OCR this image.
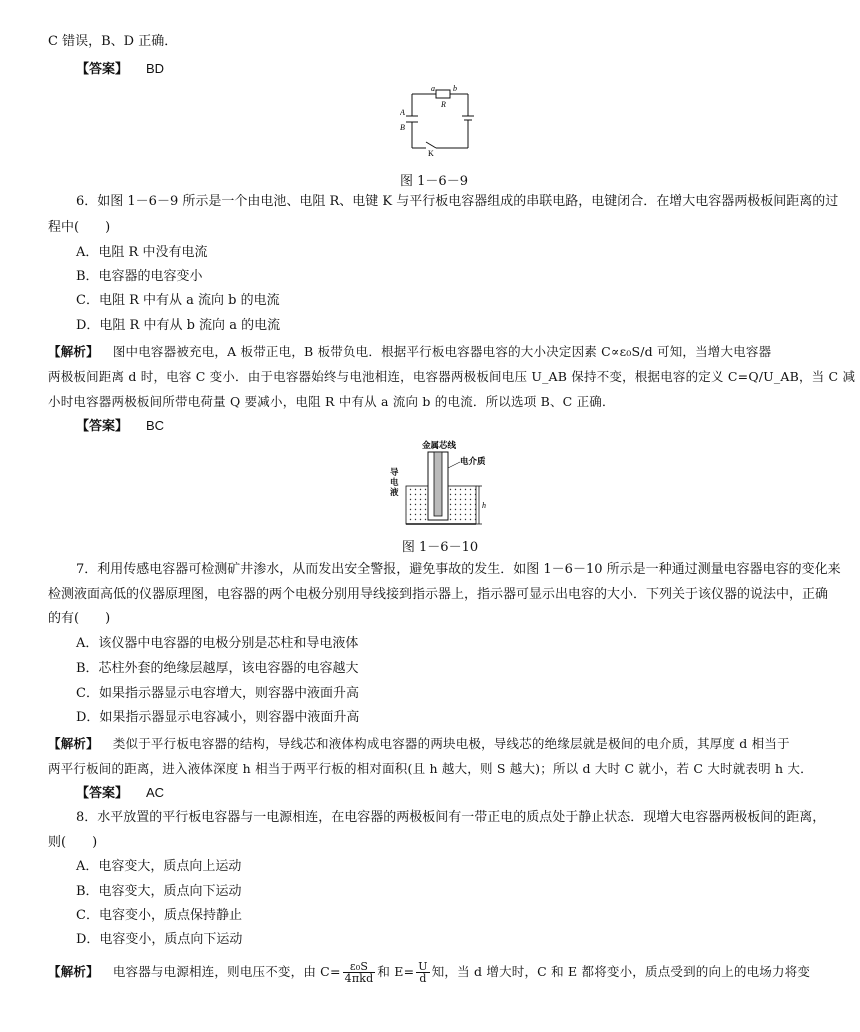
C 错误，B、D 正确．
【答案】 BD
a b
R
A
B
K
图 1－6－9
6．如图 1－6－9 所示是一个由电池、电阻 R、电键 K 与平行板电容器组成的串联电路，电键闭合．在增大电容器两极板间距离的过
程中(　　)
A．电阻 R 中没有电流
B．电容器的电容变小
C．电阻 R 中有从 a 流向 b 的电流
D．电阻 R 中有从 b 流向 a 的电流
【解析】 图中电容器被充电，A 板带正电，B 板带负电．根据平行板电容器电容的大小决定因素 C∝ε₀S/d 可知，当增大电容器
两极板间距离 d 时，电容 C 变小．由于电容器始终与电池相连，电容器两极板间电压 U_AB 保持不变，根据电容的定义 C=Q/U_AB，当 C 减
小时电容器两极板间所带电荷量 Q 要减小，电阻 R 中有从 a 流向 b 的电流．所以选项 B、C 正确．
【答案】 BC
金属芯线
电介质
h
导电液
图 1－6－10
7．利用传感电容器可检测矿井渗水，从而发出安全警报，避免事故的发生．如图 1－6－10 所示是一种通过测量电容器电容的变化来
检测液面高低的仪器原理图，电容器的两个电极分别用导线接到指示器上，指示器可显示出电容的大小．下列关于该仪器的说法中，正确
的有(　　)
A．该仪器中电容器的电极分别是芯柱和导电液体
B．芯柱外套的绝缘层越厚，该电容器的电容越大
C．如果指示器显示电容增大，则容器中液面升高
D．如果指示器显示电容减小，则容器中液面升高
【解析】 类似于平行板电容器的结构，导线芯和液体构成电容器的两块电极，导线芯的绝缘层就是极间的电介质，其厚度 d 相当于
两平行板间的距离，进入液体深度 h 相当于两平行板的相对面积(且 h 越大，则 S 越大)；所以 d 大时 C 就小，若 C 大时就表明 h 大．
【答案】 AC
8．水平放置的平行板电容器与一电源相连，在电容器的两极板间有一带正电的质点处于静止状态．现增大电容器两极板间的距离，
则(　　)
A．电容变大，质点向上运动
B．电容变大，质点向下运动
C．电容变小，质点保持静止
D．电容变小，质点向下运动
【解析】 电容器与电源相连，则电压不变，由 $C= \frac{\text{ε₀S}}{\text{4πkd}}$ 和 $E= \frac{U}{d}$ 知，当 d 增大时，C 和 E 都将变小，质点受到的向上的电场力将变
